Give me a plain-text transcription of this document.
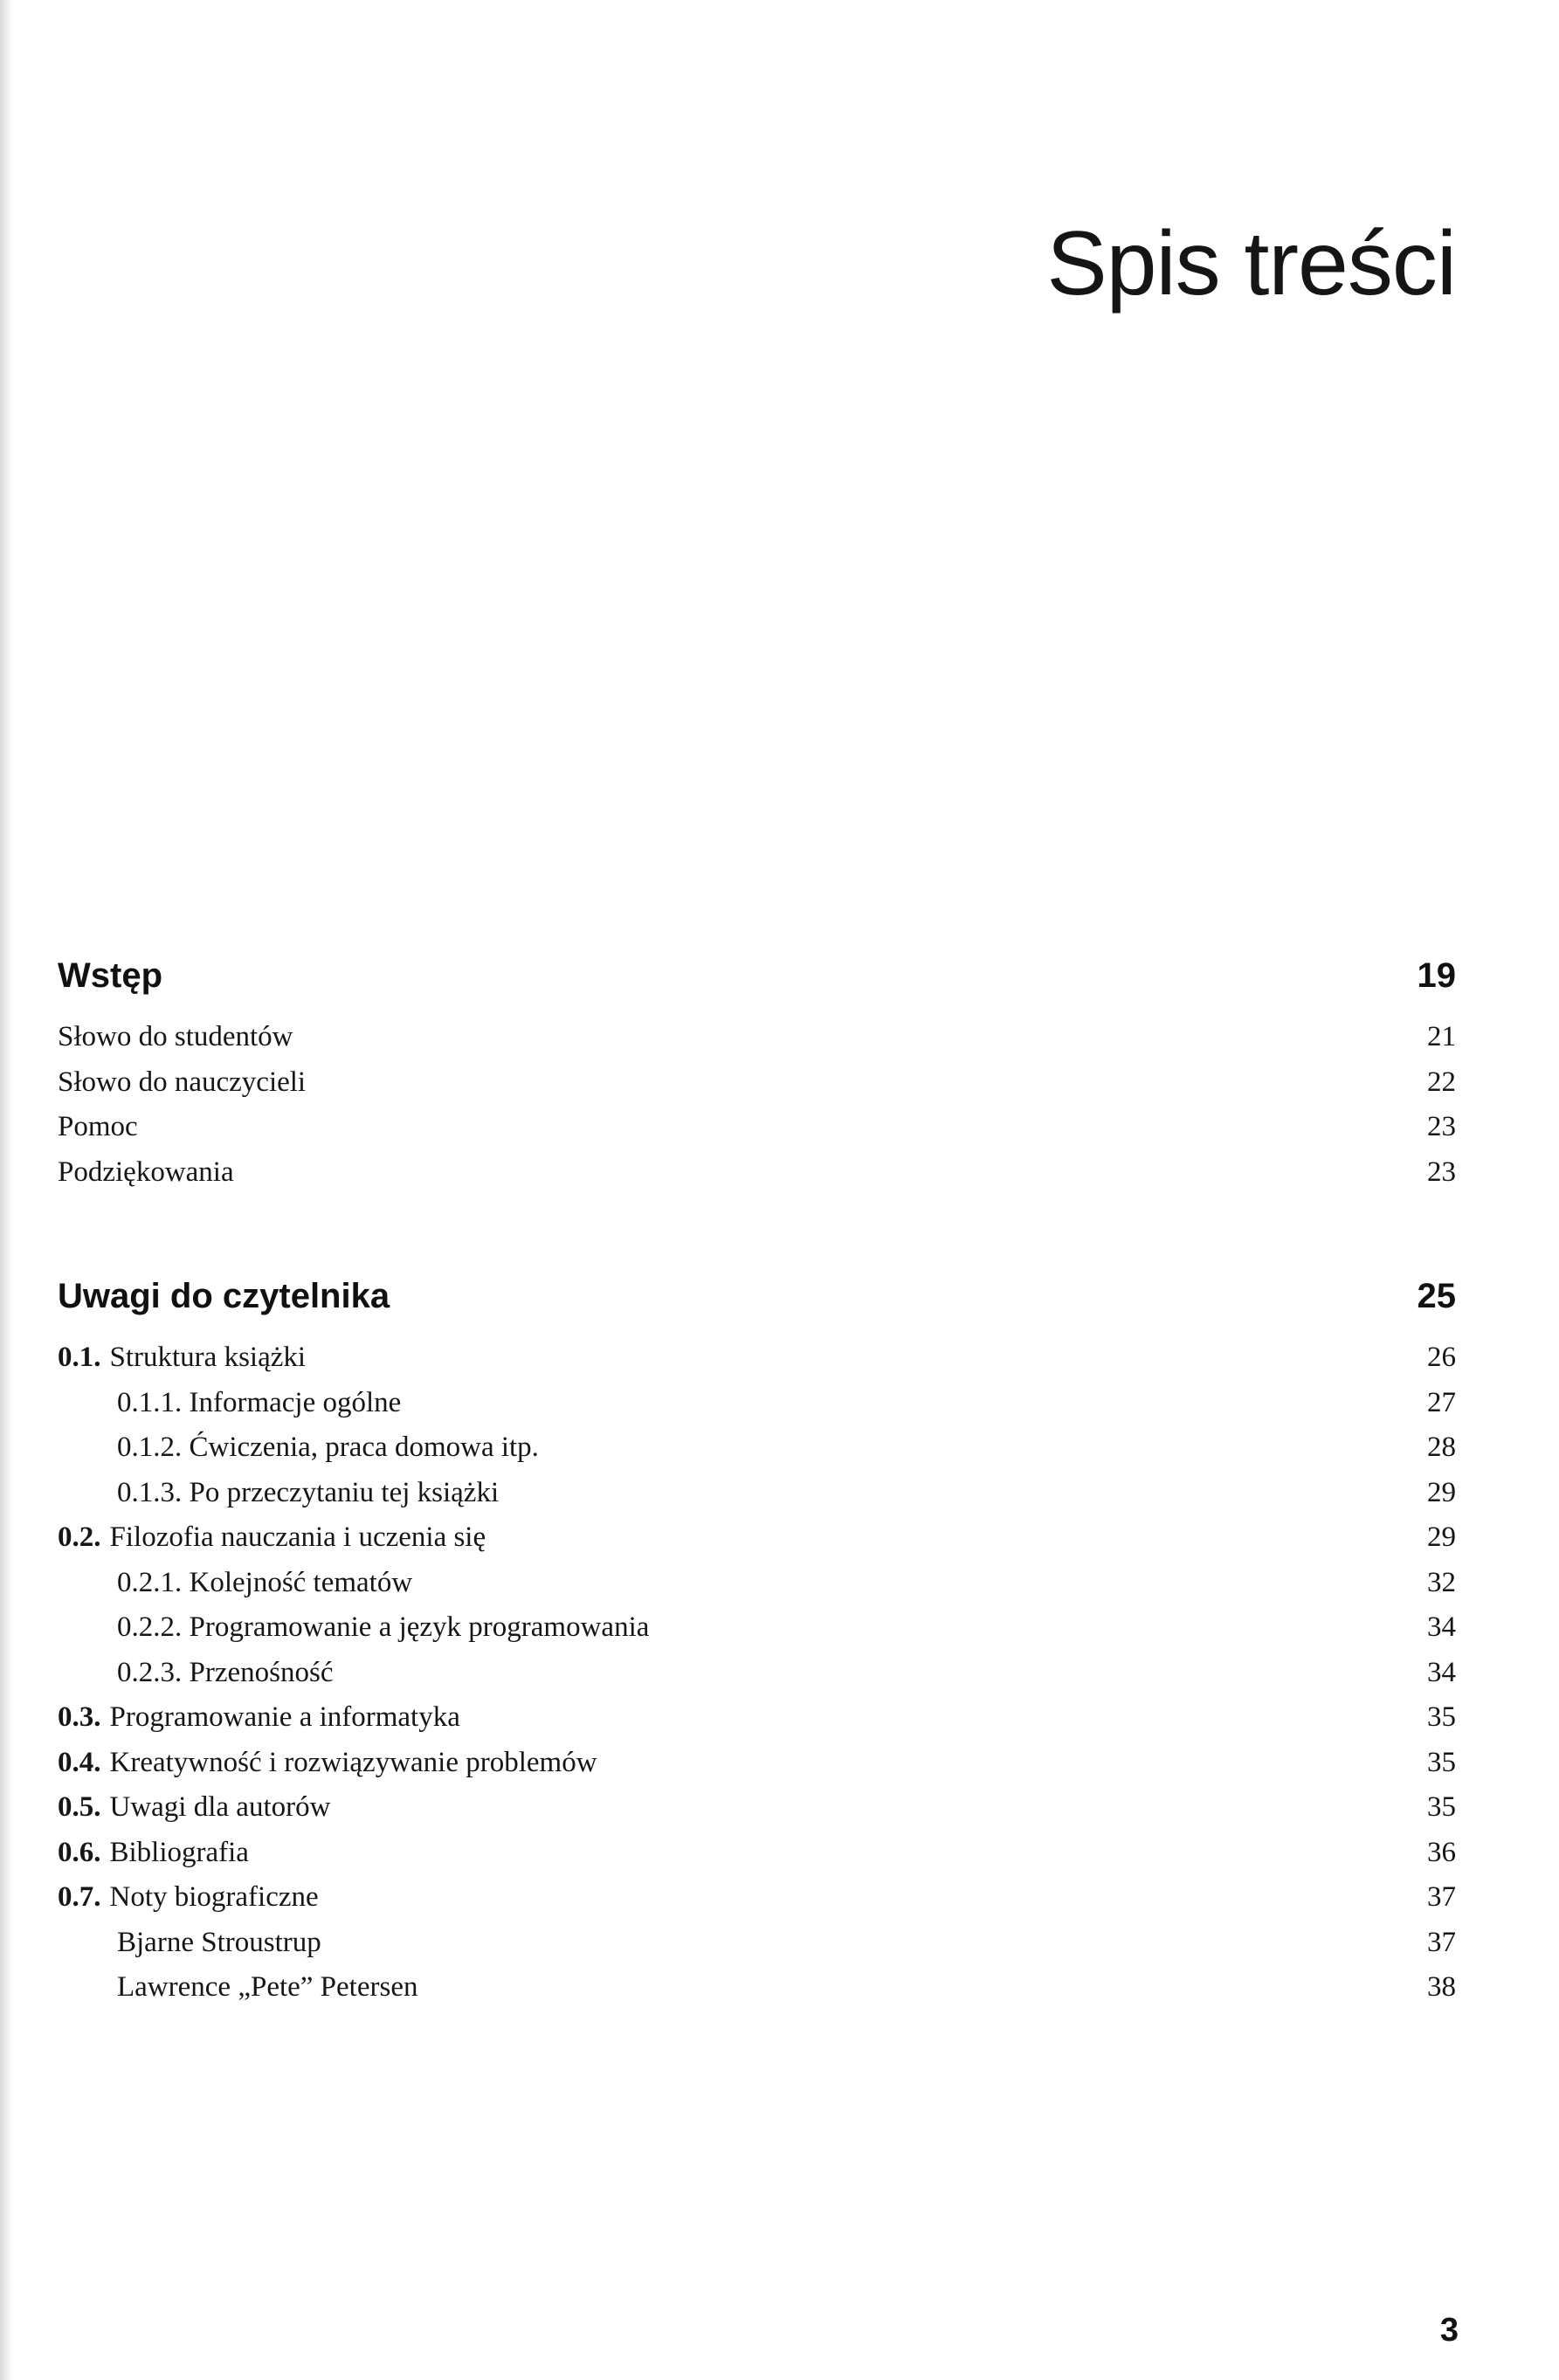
Spis treści
Wstęp	19
Słowo do studentów	21
Słowo do nauczycieli	22
Pomoc	23
Podziękowania	23
Uwagi do czytelnika	25
0.1. Struktura książki	26
0.1.1. Informacje ogólne	27
0.1.2. Ćwiczenia, praca domowa itp.	28
0.1.3. Po przeczytaniu tej książki	29
0.2. Filozofia nauczania i uczenia się	29
0.2.1. Kolejność tematów	32
0.2.2. Programowanie a język programowania	34
0.2.3. Przenośność	34
0.3. Programowanie a informatyka	35
0.4. Kreatywność i rozwiązywanie problemów	35
0.5. Uwagi dla autorów	35
0.6. Bibliografia	36
0.7. Noty biograficzne	37
Bjarne Stroustrup	37
Lawrence „Pete” Petersen	38
3
